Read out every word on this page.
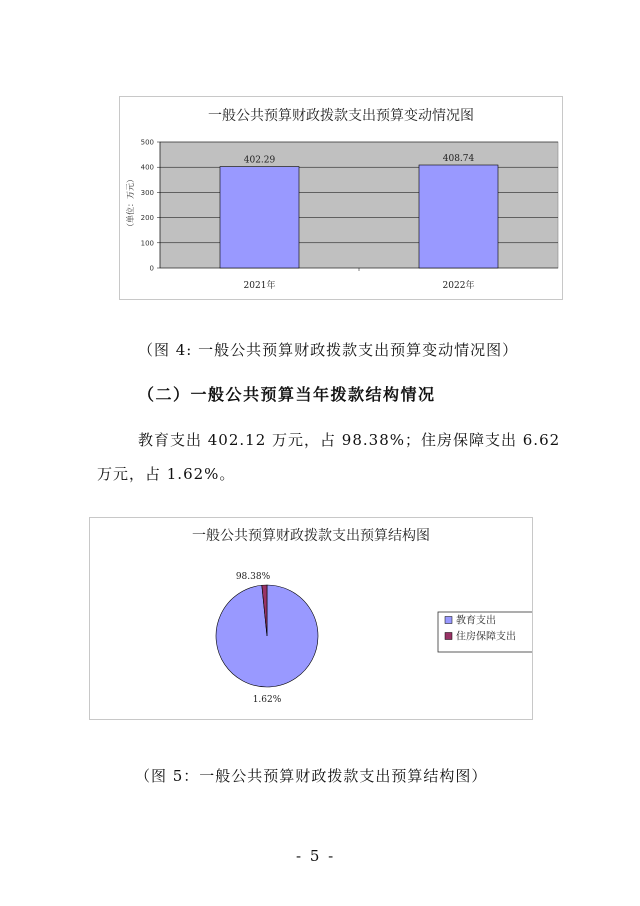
一般公共预算财政拨款支出预算变动情况图
0
100
200
300
400
500
402.29
2021年
408.74
2022年
（单位：万元）
（图 4: 一般公共预算财政拨款支出预算变动情况图）
（二）一般公共预算当年拨款结构情况
教育支出 402.12 万元，占 98.38%；住房保障支出 6.62
万元，占 1.62%。
一般公共预算财政拨款支出预算结构图
1.62%
98.38%
教育支出
住房保障支出
（图 5：一般公共预算财政拨款支出预算结构图）
- 5 -
